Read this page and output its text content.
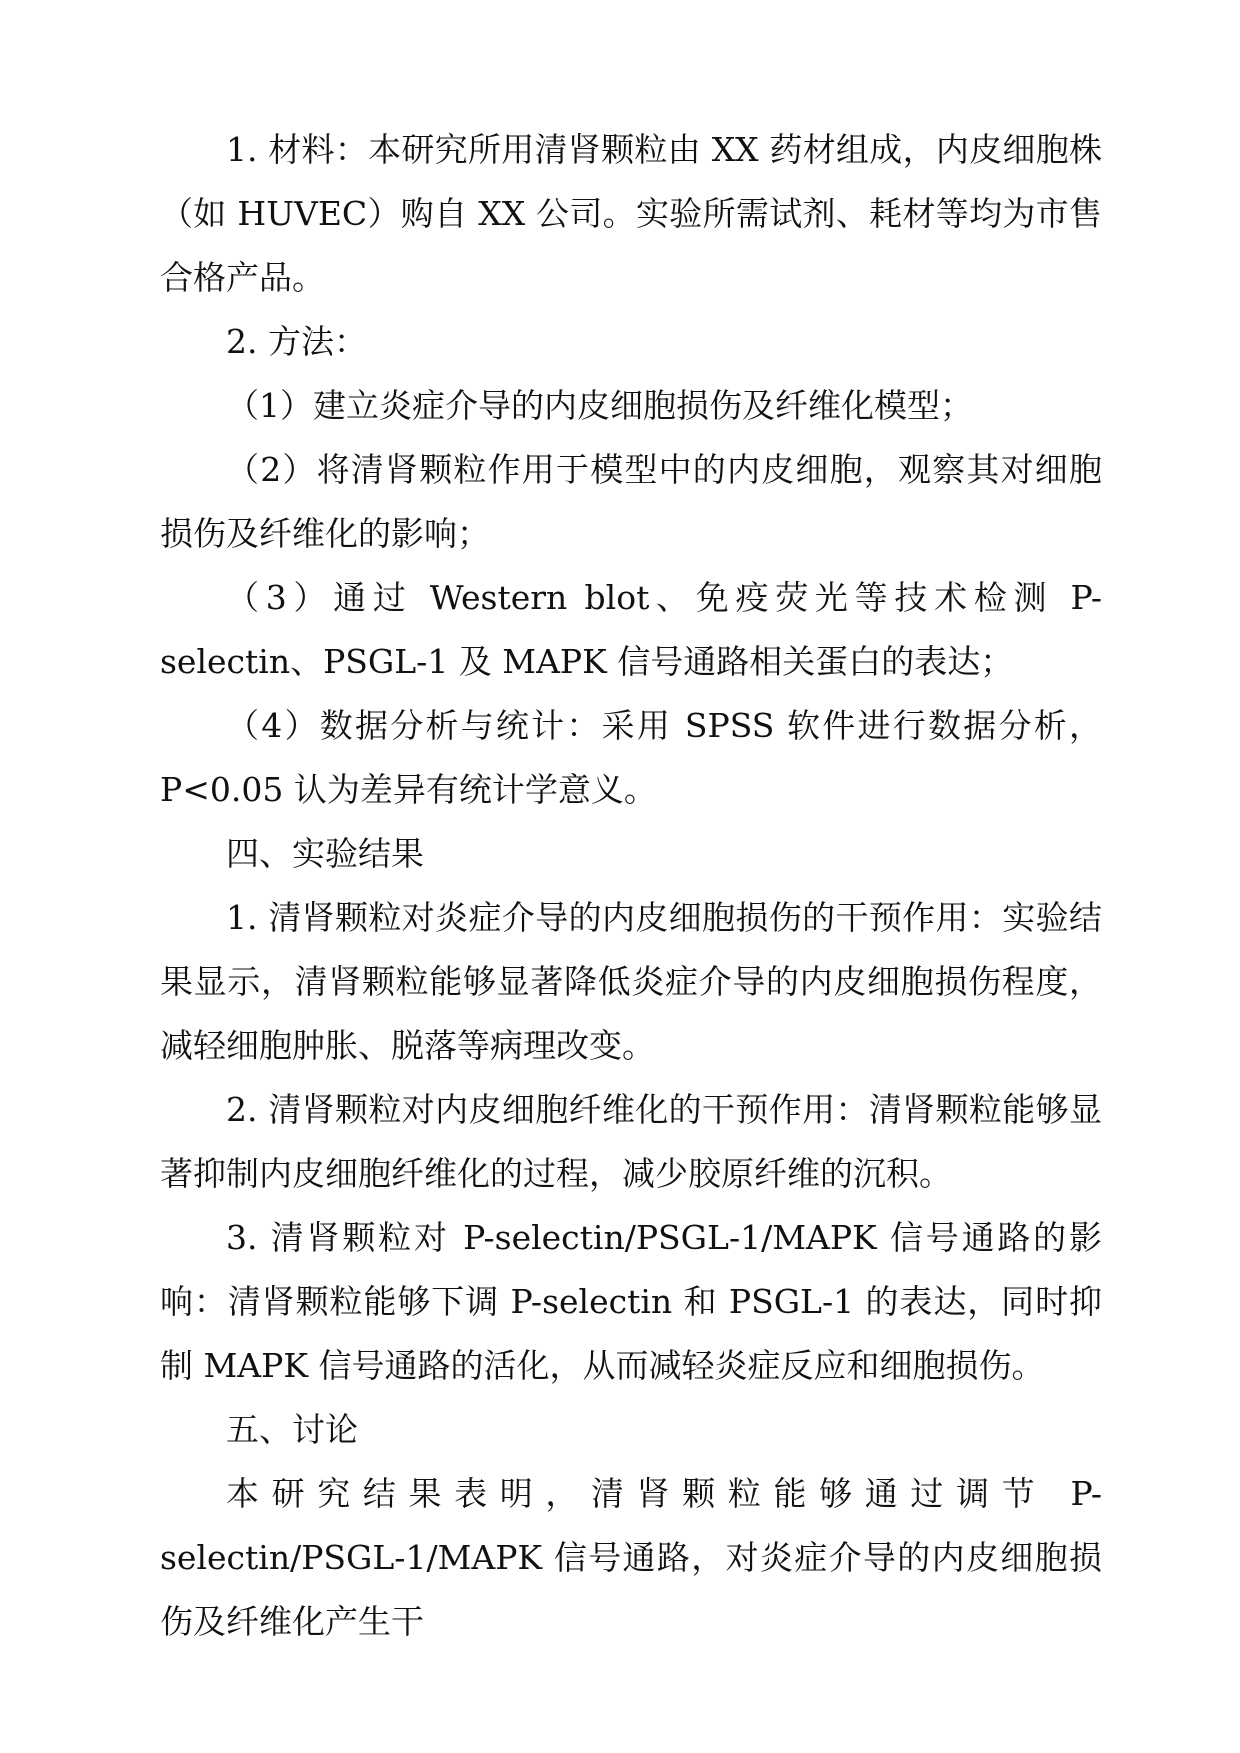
1. 材料：本研究所用清肾颗粒由 XX 药材组成，内皮细胞株（如 HUVEC）购自 XX 公司。实验所需试剂、耗材等均为市售合格产品。

2. 方法：

（1）建立炎症介导的内皮细胞损伤及纤维化模型；

（2）将清肾颗粒作用于模型中的内皮细胞，观察其对细胞损伤及纤维化的影响；

（3）通过 Western blot、免疫荧光等技术检测 P-selectin、PSGL-1 及 MAPK 信号通路相关蛋白的表达；

（4）数据分析与统计：采用 SPSS 软件进行数据分析，P<0.05 认为差异有统计学意义。

四、实验结果

1. 清肾颗粒对炎症介导的内皮细胞损伤的干预作用：实验结果显示，清肾颗粒能够显著降低炎症介导的内皮细胞损伤程度，减轻细胞肿胀、脱落等病理改变。

2. 清肾颗粒对内皮细胞纤维化的干预作用：清肾颗粒能够显著抑制内皮细胞纤维化的过程，减少胶原纤维的沉积。

3. 清肾颗粒对 P-selectin/PSGL-1/MAPK 信号通路的影响：清肾颗粒能够下调 P-selectin 和 PSGL-1 的表达，同时抑制 MAPK 信号通路的活化，从而减轻炎症反应和细胞损伤。

五、讨论

本研究结果表明，清肾颗粒能够通过调节 P-selectin/PSGL-1/MAPK 信号通路，对炎症介导的内皮细胞损伤及纤维化产生干
